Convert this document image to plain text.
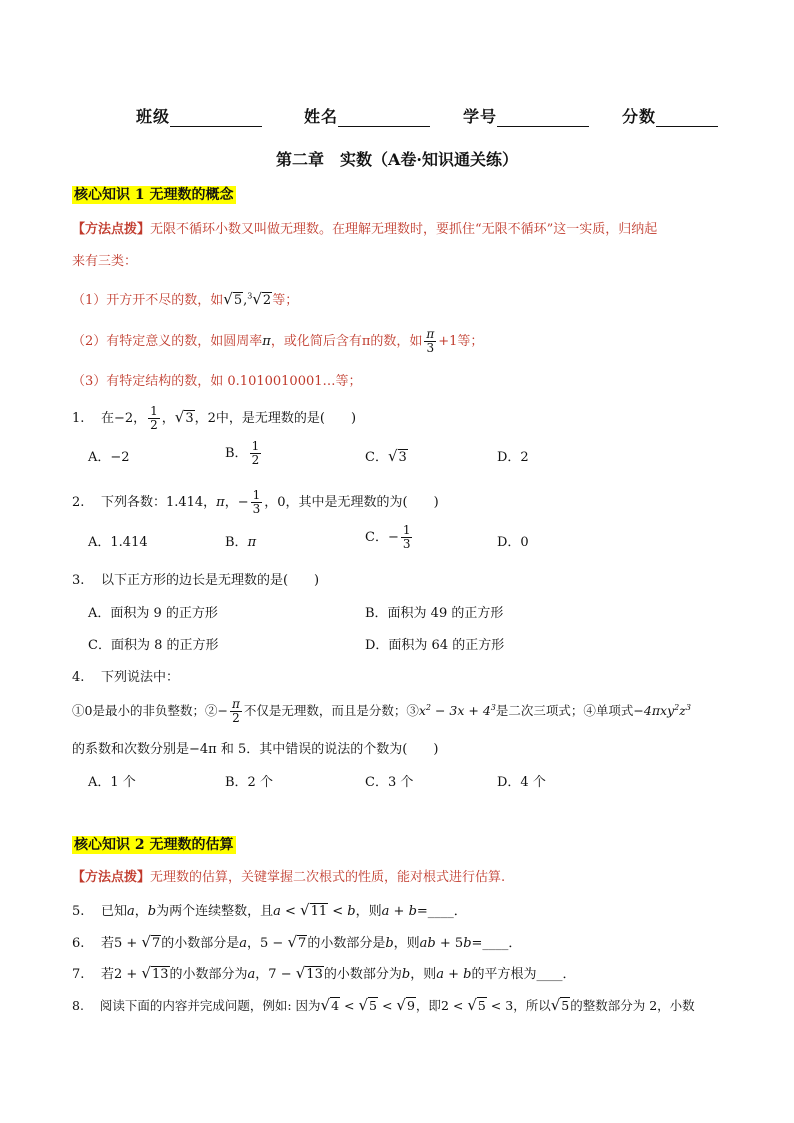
班级	姓名	学号	分数
第二章　实数（A卷·知识通关练）
核心知识 1 无理数的概念
【方法点拨】无限不循环小数又叫做无理数。在理解无理数时，要抓住“无限不循环”这一实质，归纳起
来有三类：
（1）开方开不尽的数，如√5,$^3$√2等；
（2）有特定意义的数，如圆周率π，或化简后含有π的数，如 $\frac{\pi}{3} +1$等；
（3）有特定结构的数，如 0.1010010001…等；
1. 在−2， $\frac{1}{2}$ ，√3，2中，是无理数的是(　　)
A．−2	B． $\frac{1}{2}$	C．√3	D．2
2. 下列各数：1.414，π，− $\frac{1}{3}$ ，0，其中是无理数的为(　　)
A．1.414	B．π	C．− $\frac{1}{3}$	D．0
3. 以下正方形的边长是无理数的是(　　)
A．面积为 9 的正方形	B．面积为 49 的正方形
C．面积为 8 的正方形	D．面积为 64 的正方形
4. 下列说法中：
①0是最小的非负整数；②− $\frac{\pi}{2}$ 不仅是无理数，而且是分数；$③x^2 - 3x + 4^3$是二次三项式；④单项式$-4\pi xy^2z^3$
的系数和次数分别是−4π 和 5．其中错误的说法的个数为(　　)
A．1 个	B．2 个	C．3 个	D．4 个
核心知识 2 无理数的估算
【方法点拨】无理数的估算，关键掌握二次根式的性质，能对根式进行估算.
5. 已知a，b为两个连续整数，且a < √11 < b，则a + b=____．
6. 若5 + √7的小数部分是a，5 − √7的小数部分是b，则ab + 5b=____．
7. 若2 + √13的小数部分为a，7 − √13的小数部分为b，则a + b的平方根为____．
8. 阅读下面的内容并完成问题，例如: 因为√4 < √5 < √9，即2 < √5 < 3，所以√5的整数部分为 2，小数
